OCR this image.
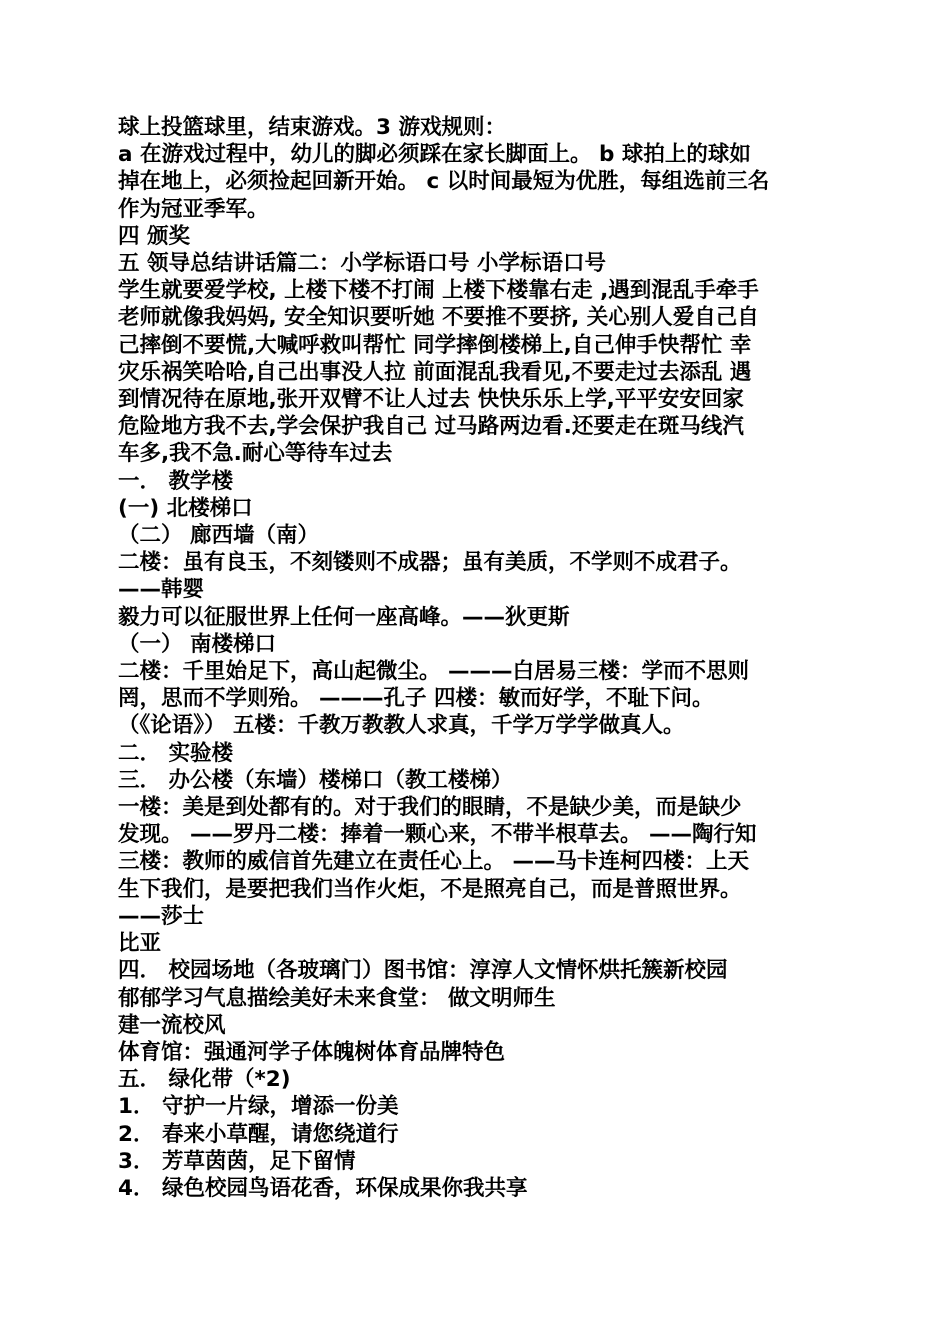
球上投篮球里，结束游戏。3 游戏规则：
a 在游戏过程中，幼儿的脚必须踩在家长脚面上。 b 球拍上的球如
掉在地上，必须捡起回新开始。 c 以时间最短为优胜，每组选前三名
作为冠亚季军。
四 颁奖
五 领导总结讲话篇二：小学标语口号 小学标语口号
学生就要爱学校, 上楼下楼不打闹 上楼下楼靠右走 ,遇到混乱手牵手
老师就像我妈妈, 安全知识要听她 不要推不要挤, 关心别人爱自己自
己摔倒不要慌,大喊呼救叫帮忙 同学摔倒楼梯上,自己伸手快帮忙 幸
灾乐祸笑哈哈,自己出事没人拉 前面混乱我看见,不要走过去添乱 遇
到情况待在原地,张开双臂不让人过去 快快乐乐上学,平平安安回家
危险地方我不去,学会保护我自己 过马路两边看.还要走在斑马线汽
车多,我不急.耐心等待车过去
一． 教学楼
(一) 北楼梯口
（二） 廊西墙（南）
二楼：虽有良玉，不刻镂则不成器；虽有美质，不学则不成君子。
——韩婴
毅力可以征服世界上任何一座高峰。——狄更斯
（一） 南楼梯口
二楼：千里始足下，高山起微尘。 ———白居易三楼：学而不思则
罔，思而不学则殆。 ———孔子 四楼：敏而好学，不耻下问。
（《论语》） 五楼：千教万教教人求真，千学万学学做真人。
二． 实验楼
三． 办公楼（东墙）楼梯口（教工楼梯）
一楼：美是到处都有的。对于我们的眼睛，不是缺少美，而是缺少
发现。 ——罗丹二楼：捧着一颗心来，不带半根草去。 ——陶行知
三楼：教师的威信首先建立在责任心上。 ——马卡连柯四楼：上天
生下我们，是要把我们当作火炬，不是照亮自己，而是普照世界。
——莎士
比亚
四． 校园场地（各玻璃门）图书馆：淳淳人文情怀烘托簇新校园
郁郁学习气息描绘美好未来食堂： 做文明师生
建一流校风
体育馆：强通河学子体魄树体育品牌特色
五． 绿化带（*2)
1． 守护一片绿，增添一份美
2． 春来小草醒，请您绕道行
3． 芳草茵茵，足下留情
4． 绿色校园鸟语花香，环保成果你我共享
